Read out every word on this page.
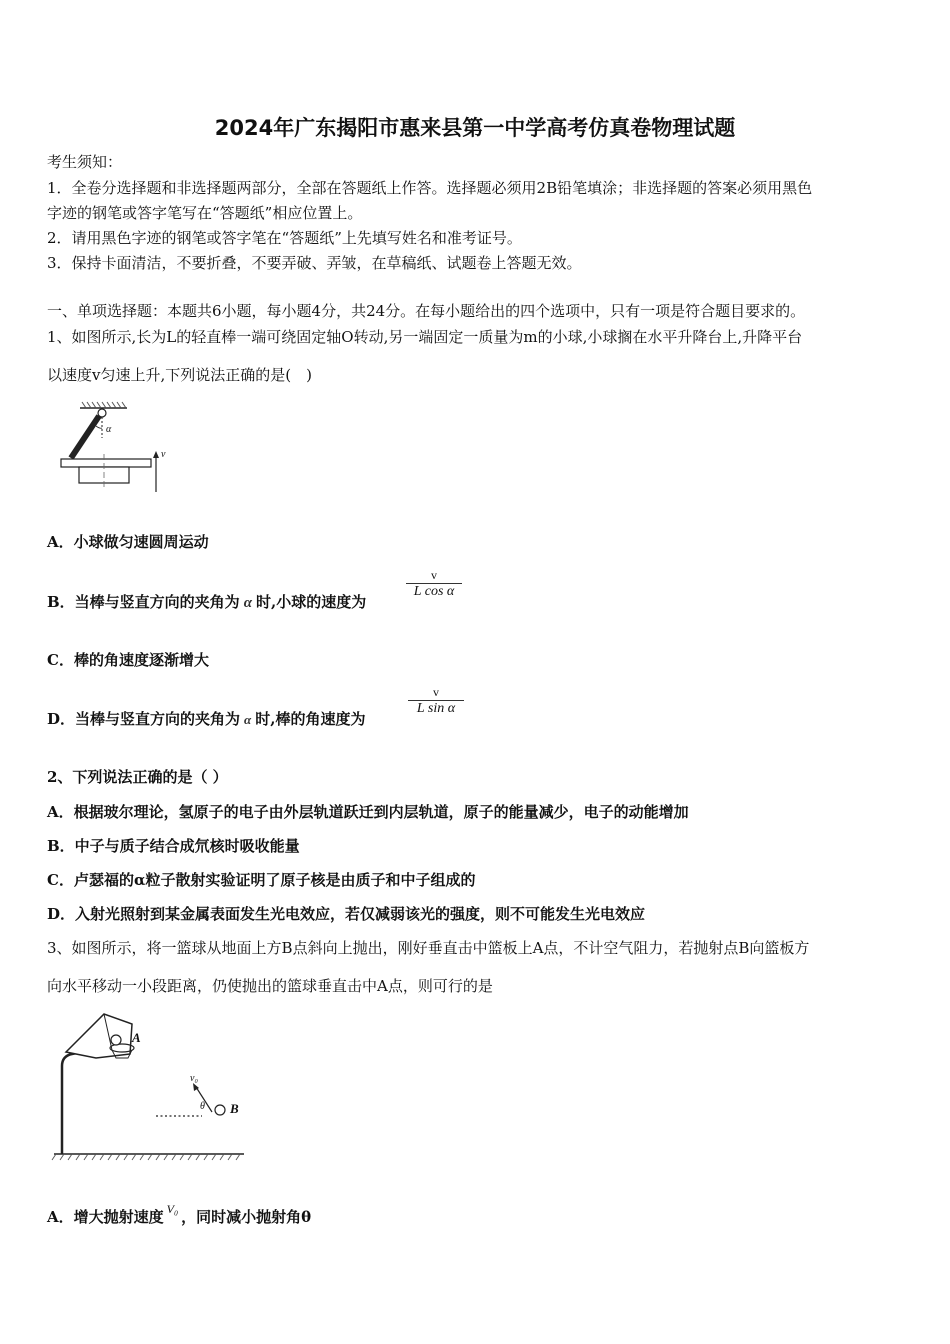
2024年广东揭阳市惠来县第一中学高考仿真卷物理试题
考生须知：
1．全卷分选择题和非选择题两部分，全部在答题纸上作答。选择题必须用2B铅笔填涂；非选择题的答案必须用黑色
字迹的钢笔或答字笔写在“答题纸”相应位置上。
2．请用黑色字迹的钢笔或答字笔在“答题纸”上先填写姓名和准考证号。
3．保持卡面清洁，不要折叠，不要弄破、弄皱，在草稿纸、试题卷上答题无效。
一、单项选择题：本题共6小题，每小题4分，共24分。在每小题给出的四个选项中，只有一项是符合题目要求的。
1、如图所示,长为L的轻直棒一端可绕固定轴O转动,另一端固定一质量为m的小球,小球搁在水平升降台上,升降平台
以速度v匀速上升,下列说法正确的是(　)
α
v
A．小球做匀速圆周运动
B．当棒与竖直方向的夹角为 α 时,小球的速度为
v
L cos α
C．棒的角速度逐渐增大
D．当棒与竖直方向的夹角为 α 时,棒的角速度为
v
L sin α
2、下列说法正确的是（ ）
A．根据玻尔理论，氢原子的电子由外层轨道跃迁到内层轨道，原子的能量减少，电子的动能增加
B．中子与质子结合成氘核时吸收能量
C．卢瑟福的α粒子散射实验证明了原子核是由质子和中子组成的
D．入射光照射到某金属表面发生光电效应，若仅减弱该光的强度，则不可能发生光电效应
3、如图所示，将一篮球从地面上方B点斜向上抛出，刚好垂直击中篮板上A点，不计空气阻力，若抛射点B向篮板方
向水平移动一小段距离，仍使抛出的篮球垂直击中A点，则可行的是
A
B
v₀
θ
A．增大抛射速度 $^{V_0}$ ，同时减小抛射角θ
